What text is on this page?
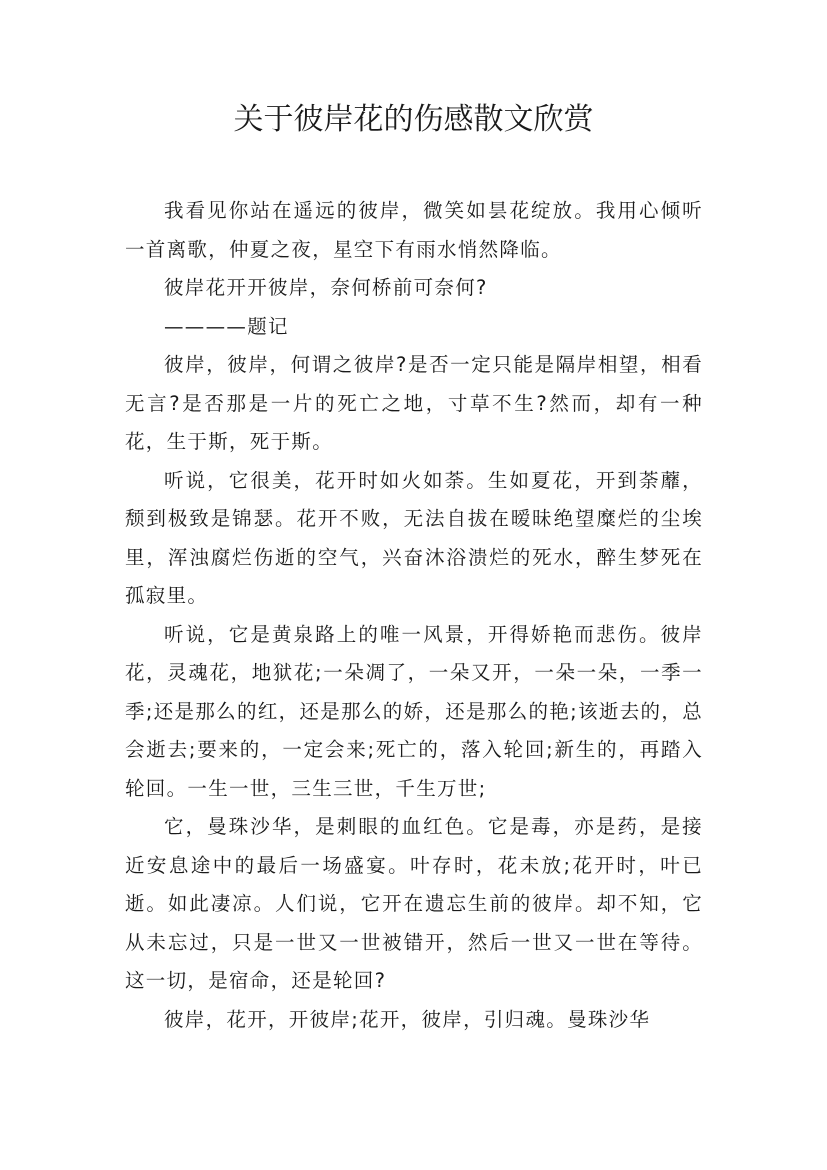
关于彼岸花的伤感散文欣赏

我看见你站在遥远的彼岸，微笑如昙花绽放。我用心倾听一首离歌，仲夏之夜，星空下有雨水悄然降临。

彼岸花开开彼岸，奈何桥前可奈何?

————题记

彼岸，彼岸，何谓之彼岸?是否一定只能是隔岸相望，相看无言?是否那是一片的死亡之地，寸草不生?然而，却有一种花，生于斯，死于斯。

听说，它很美，花开时如火如荼。生如夏花，开到荼蘼，颓到极致是锦瑟。花开不败，无法自拔在暧昧绝望糜烂的尘埃里，浑浊腐烂伤逝的空气，兴奋沐浴溃烂的死水，醉生梦死在孤寂里。

听说，它是黄泉路上的唯一风景，开得娇艳而悲伤。彼岸花，灵魂花，地狱花;一朵凋了，一朵又开，一朵一朵，一季一季;还是那么的红，还是那么的娇，还是那么的艳;该逝去的，总会逝去;要来的，一定会来;死亡的，落入轮回;新生的，再踏入轮回。一生一世，三生三世，千生万世;

它，曼珠沙华，是刺眼的血红色。它是毒，亦是药，是接近安息途中的最后一场盛宴。叶存时，花未放;花开时，叶已逝。如此凄凉。人们说，它开在遗忘生前的彼岸。却不知，它从未忘过，只是一世又一世被错开，然后一世又一世在等待。这一切，是宿命，还是轮回?

彼岸，花开，开彼岸;花开，彼岸，引归魂。曼珠沙华
